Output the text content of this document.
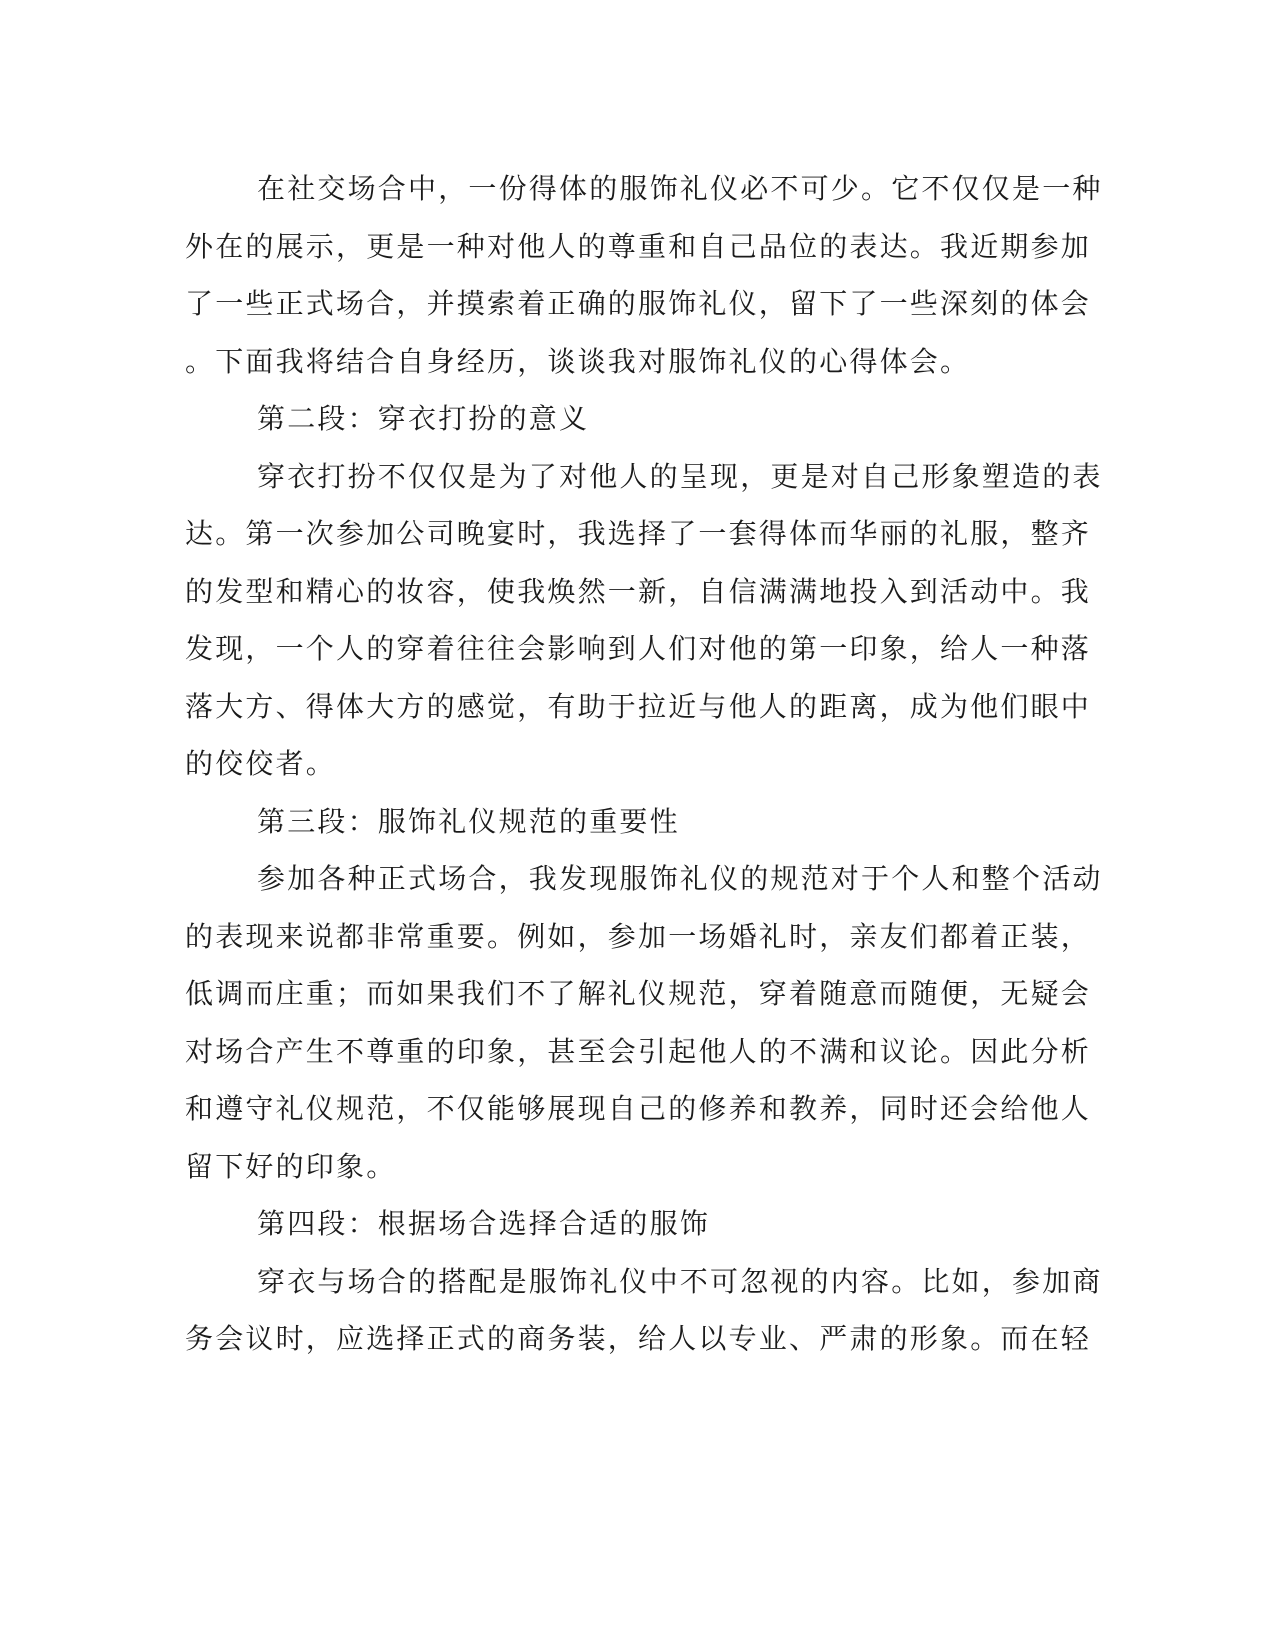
在社交场合中，一份得体的服饰礼仪必不可少。它不仅仅是一种
外在的展示，更是一种对他人的尊重和自己品位的表达。我近期参加
了一些正式场合，并摸索着正确的服饰礼仪，留下了一些深刻的体会
。下面我将结合自身经历，谈谈我对服饰礼仪的心得体会。
第二段：穿衣打扮的意义
穿衣打扮不仅仅是为了对他人的呈现，更是对自己形象塑造的表
达。第一次参加公司晚宴时，我选择了一套得体而华丽的礼服，整齐
的发型和精心的妆容，使我焕然一新，自信满满地投入到活动中。我
发现，一个人的穿着往往会影响到人们对他的第一印象，给人一种落
落大方、得体大方的感觉，有助于拉近与他人的距离，成为他们眼中
的佼佼者。
第三段：服饰礼仪规范的重要性
参加各种正式场合，我发现服饰礼仪的规范对于个人和整个活动
的表现来说都非常重要。例如，参加一场婚礼时，亲友们都着正装，
低调而庄重；而如果我们不了解礼仪规范，穿着随意而随便，无疑会
对场合产生不尊重的印象，甚至会引起他人的不满和议论。因此分析
和遵守礼仪规范，不仅能够展现自己的修养和教养，同时还会给他人
留下好的印象。
第四段：根据场合选择合适的服饰
穿衣与场合的搭配是服饰礼仪中不可忽视的内容。比如，参加商
务会议时，应选择正式的商务装，给人以专业、严肃的形象。而在轻
